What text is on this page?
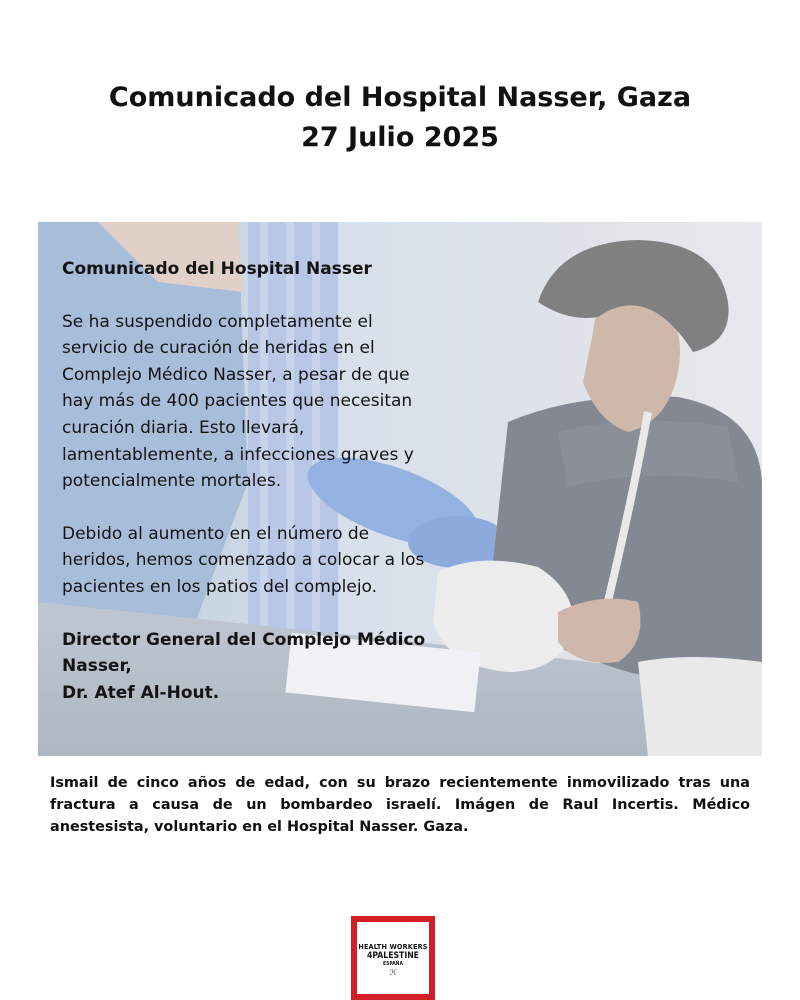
Comunicado del Hospital Nasser, Gaza
27 Julio 2025

Comunicado del Hospital Nasser

Se ha suspendido completamente el servicio de curación de heridas en el Complejo Médico Nasser, a pesar de que hay más de 400 pacientes que necesitan curación diaria. Esto llevará, lamentablemente, a infecciones graves y potencialmente mortales.

Debido al aumento en el número de heridos, hemos comenzado a colocar a los pacientes en los patios del complejo.

Director General del Complejo Médico Nasser,
Dr. Atef Al-Hout.

Ismail de cinco años de edad, con su brazo recientemente inmovilizado tras una fractura a causa de un bombardeo israelí. Imágen de Raul Incertis. Médico anestesista, voluntario en el Hospital Nasser. Gaza.

HEALTH WORKERS
4PALESTINE
ESPAÑA
ℋ
